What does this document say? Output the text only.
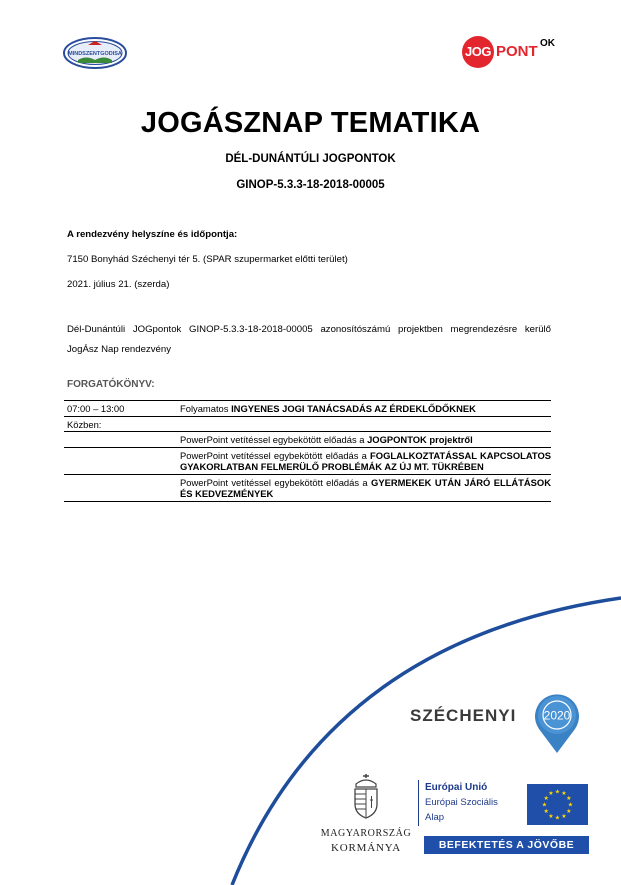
MINDSZENTGODISA	JOG PONT OK
JOGÁSZNAP TEMATIKA
DÉL-DUNÁNTÚLI JOGPONTOK
GINOP-5.3.3-18-2018-00005
A rendezvény helyszíne és időpontja:
7150 Bonyhád Széchenyi tér 5. (SPAR szupermarket előtti terület)
2021. július 21. (szerda)
Dél-Dunántúli JOGpontok GINOP-5.3.3-18-2018-00005 azonosítószámú projektben megrendezésre kerülő JogÁsz Nap rendezvény
FORGATÓKÖNYV:
07:00 – 13:00	Folyamatos INGYENES JOGI TANÁCSADÁS AZ ÉRDEKLŐDŐKNEK
Közben:

PowerPoint vetítéssel egybekötött előadás a JOGPONTOK projektről
PowerPoint vetítéssel egybekötött előadás a FOGLALKOZTATÁSSAL KAPCSOLATOS GYAKORLATBAN FELMERÜLŐ PROBLÉMÁK AZ ÚJ MT. TÜKRÉBEN
PowerPoint vetítéssel egybekötött előadás a GYERMEKEK UTÁN JÁRÓ ELLÁTÁSOK ÉS KEDVEZMÉNYEK
SZÉCHENYI 2020
MAGYARORSZÁG
KORMÁNYA
Európai Unió
Európai Szociális
Alap
★ ★
★
★
★
★
★
★
★
★
★
★
BEFEKTETÉS A JÖVŐBE
